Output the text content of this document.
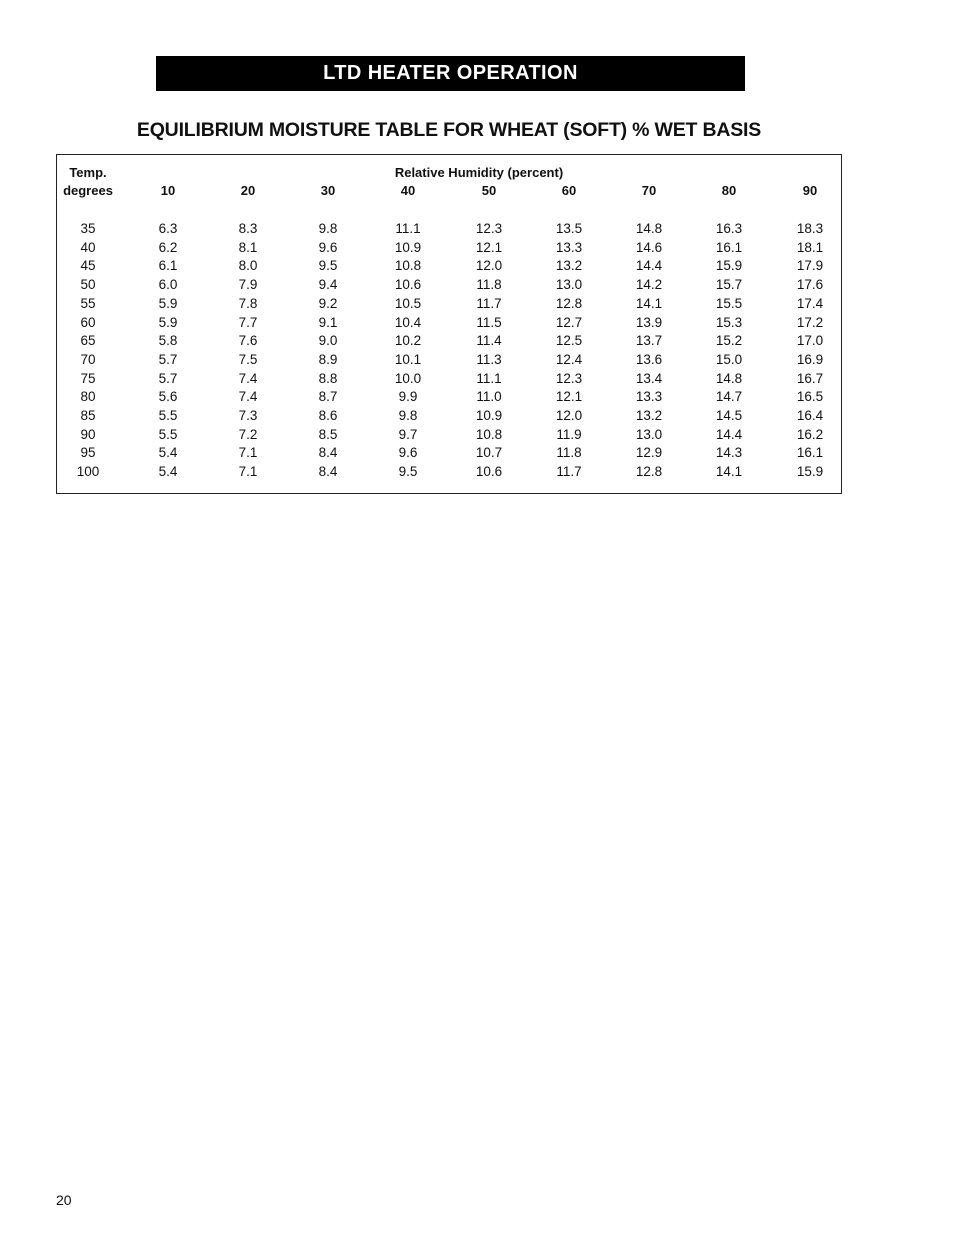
LTD HEATER OPERATION
EQUILIBRIUM MOISTURE TABLE FOR WHEAT (SOFT) % WET BASIS
Relative Humidity (percent)
Temp.
degrees	10	20	30	40	50	60	70	80	90
35	6.3	8.3	9.8	11.1	12.3	13.5	14.8	16.3	18.3
40	6.2	8.1	9.6	10.9	12.1	13.3	14.6	16.1	18.1
45	6.1	8.0	9.5	10.8	12.0	13.2	14.4	15.9	17.9
50	6.0	7.9	9.4	10.6	11.8	13.0	14.2	15.7	17.6
55	5.9	7.8	9.2	10.5	11.7	12.8	14.1	15.5	17.4
60	5.9	7.7	9.1	10.4	11.5	12.7	13.9	15.3	17.2
65	5.8	7.6	9.0	10.2	11.4	12.5	13.7	15.2	17.0
70	5.7	7.5	8.9	10.1	11.3	12.4	13.6	15.0	16.9
75	5.7	7.4	8.8	10.0	11.1	12.3	13.4	14.8	16.7
80	5.6	7.4	8.7	9.9	11.0	12.1	13.3	14.7	16.5
85	5.5	7.3	8.6	9.8	10.9	12.0	13.2	14.5	16.4
90	5.5	7.2	8.5	9.7	10.8	11.9	13.0	14.4	16.2
95	5.4	7.1	8.4	9.6	10.7	11.8	12.9	14.3	16.1
100	5.4	7.1	8.4	9.5	10.6	11.7	12.8	14.1	15.9
20
